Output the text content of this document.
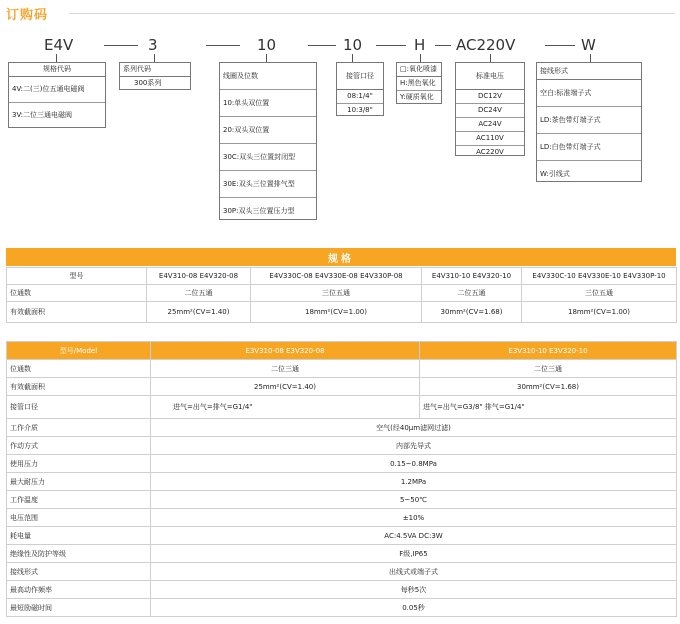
订购码
E4V	3	10	10	H AC220V	W
规格代码
4V:二(三)位五通电磁阀
3V:二位三通电磁阀
系列代码
300系列
线圈及位数
10:单头双位置
20:双头双位置
30C:双头三位置封闭型
30E:双头三位置排气型
30P:双头三位置压力型
接管口径
08:1/4"
10:3/8"
□:氧化喷漆
H:黑色氧化
Y:硬质氧化
标准电压
DC12V
DC24V
AC24V
AC110V
AC220V
接线形式
空白:标准端子式
LD:茶色带灯端子式
LD:白色带灯端子式
W:引线式
规格
型号	E4V310-08 E4V320-08	E4V330C-08 E4V330E-08 E4V330P-08	E4V310-10 E4V320-10	E4V330C-10 E4V330E-10 E4V330P-10
位通数	二位五通	三位五通	二位五通	三位五通
有效截面积	25mm²(CV=1.40)	18mm²(CV=1.00)	30mm²(CV=1.68)	18mm²(CV=1.00)
型号/Model	E3V310-08 E3V320-08	E3V310-10 E3V320-10
位通数	二位三通	二位三通
有效截面积	25mm²(CV=1.40)	30mm²(CV=1.68)
接管口径	进气=出气=排气=G1/4"	进气=出气=G3/8" 排气=G1/4"
工作介质	空气(经40μm滤网过滤)	
作动方式	内部先导式	
使用压力	0.15~0.8MPa	
最大耐压力	1.2MPa	
工作温度	5~50℃	
电压范围	±10%	
耗电量	AC:4.5VA DC:3W	
绝缘性及防护等级	F级,IP65	
接线形式	出线式或端子式	
最高动作频率	每秒5次	
最短励磁时间	0.05秒	
